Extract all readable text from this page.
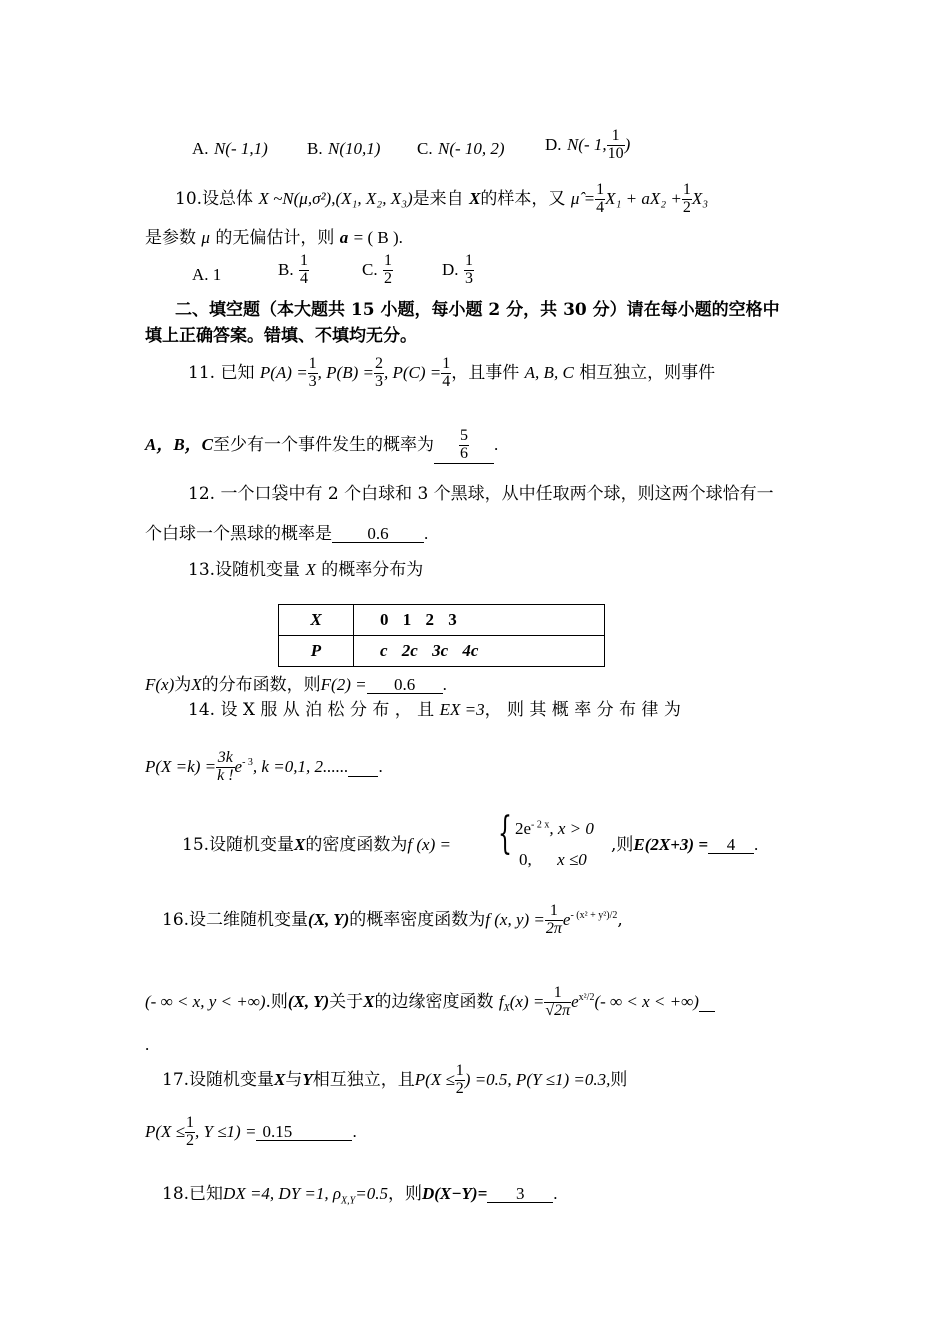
A. N(- 1,1) B. N(10,1) C. N(- 10, 2) D. N(- 1, $\frac{1}{10}$ )
10.设总体 X ~N(μ,σ²),(X₁, X₂, X₃)是来自 X的样本，又 μ̂ = $\frac{1}{4} X_1 + aX_2 + \frac{1}{2} X_3$
是参数 μ 的无偏估计，则 a = ( B ).
A. 1	B. $\frac{1}{4}$	C. $\frac{1}{2}$	D. $\frac{1}{3}$
二、填空题（本大题共 15 小题，每小题 2 分，共 30 分）请在每小题的空格中
填上正确答案。错填、不填均无分。
11. 已知 $P(A) = \frac{1}{3}$ , $P(B) = \frac{2}{3}$ , $P(C) = \frac{1}{4}$ ，且事件 A, B, C 相互独立，则事件
A，B，C至少有一个事件发生的概率为 $\frac{5}{6}$ .
12. 一个口袋中有 2 个白球和 3 个黑球，从中任取两个球，则这两个球恰有一
个白球一个黑球的概率是 0.6 .
13.设随机变量 X 的概率分布为
X	0 1 2 3
P	c 2c 3c 4c
F(x)为X的分布函数，则F(2) = 0.6 .
14. 设 X 服 从 泊 松 分 布 ， 且 EX =3， 则 其 概 率 分 布 律 为
$P(X =k) = \frac{3k}{k !} e^{- 3}$, k =0,1, 2...... .
15.设随机变量X的密度函数为f (x) = { $2e^{- 2 x}$, x > 0
0, x ≤0
,则E(2X+3) = 4 .
16.设二维随机变量(X, Y)的概率密度函数为f (x, $y) = \frac{1}{2\pi} e^{- (x^2 + y^2)/2}$,
(- ∞ < x, y < +∞).则(X, Y)关于X的边缘密度函数 $f_X(x) = \frac{1}{√2\pi} e^{x^2/2}(-$ ∞ < x < +∞)
.
17.设随机变量X与Y相互独立，且$P(X \le \frac{1}{2}$ ) =0.5, P(Y ≤1) =0.3,则
$P(X \le \frac{1}{2}$ , Y ≤1) = 0.15	.
18.已知DX =4, DY =1, $\rho_{X,Y}=0.5$，则D(X−Y)= 3 .
